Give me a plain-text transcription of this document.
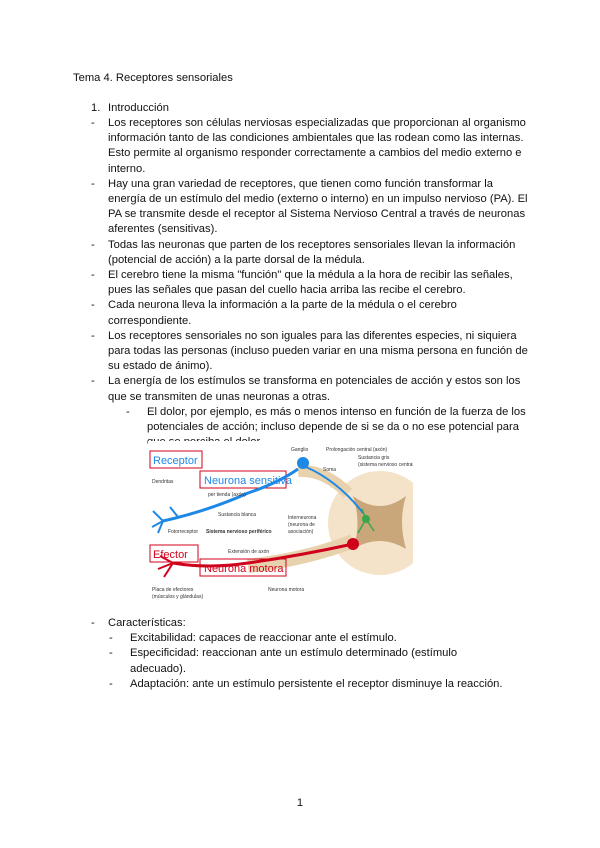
Tema 4. Receptores sensoriales
1. Introducción
- Los receptores son células nerviosas especializadas que proporcionan al organismo información tanto de las condiciones ambientales que las rodean como las internas. Esto permite al organismo responder correctamente a cambios del medio externo e interno.
- Hay una gran variedad de receptores, que tienen como función transformar la energía de un estímulo del medio (externo o interno) en un impulso nervioso (PA). El PA se transmite desde el receptor al Sistema Nervioso Central a través de neuronas aferentes (sensitivas).
- Todas las neuronas que parten de los receptores sensoriales llevan la información (potencial de acción) a la parte dorsal de la médula.
- El cerebro tiene la misma "función" que la médula a la hora de recibir las señales, pues las señales que pasan del cuello hacia arriba las recibe el cerebro.
- Cada neurona lleva la información a la parte de la médula o el cerebro correspondiente.
- Los receptores sensoriales no son iguales para las diferentes especies, ni siquiera para todas las personas (incluso pueden variar en una misma persona en función de su estado de ánimo).
- La energía de los estímulos se transforma en potenciales de acción y estos son los que se transmiten de unas neuronas a otras.
- El dolor, por ejemplo, es más o menos intenso en función de la fuerza de los potenciales de acción; incluso depende de si se da o no ese potencial para
Receptor
Neurona sensitiva
Efector
Neurona motora
Dendritas
Fotorreceptor
Ganglio
Soma
Prolongación central (axón)
Sustancia gris
(sistema nervioso central)
Interneurona
(neurona de
asociación)
per tienda (axón)
Sustancia blanca
Sistema nervioso periférico
Extensión de axón
Placa de efectores
(músculos y glándulas)
Neurona motora
- Características:
- Excitabilidad: capaces de reaccionar ante el estímulo.
- Especificidad: reaccionan ante un estímulo determinado (estímulo adecuado).
- Adaptación: ante un estímulo persistente el receptor disminuye la reacción.
1
